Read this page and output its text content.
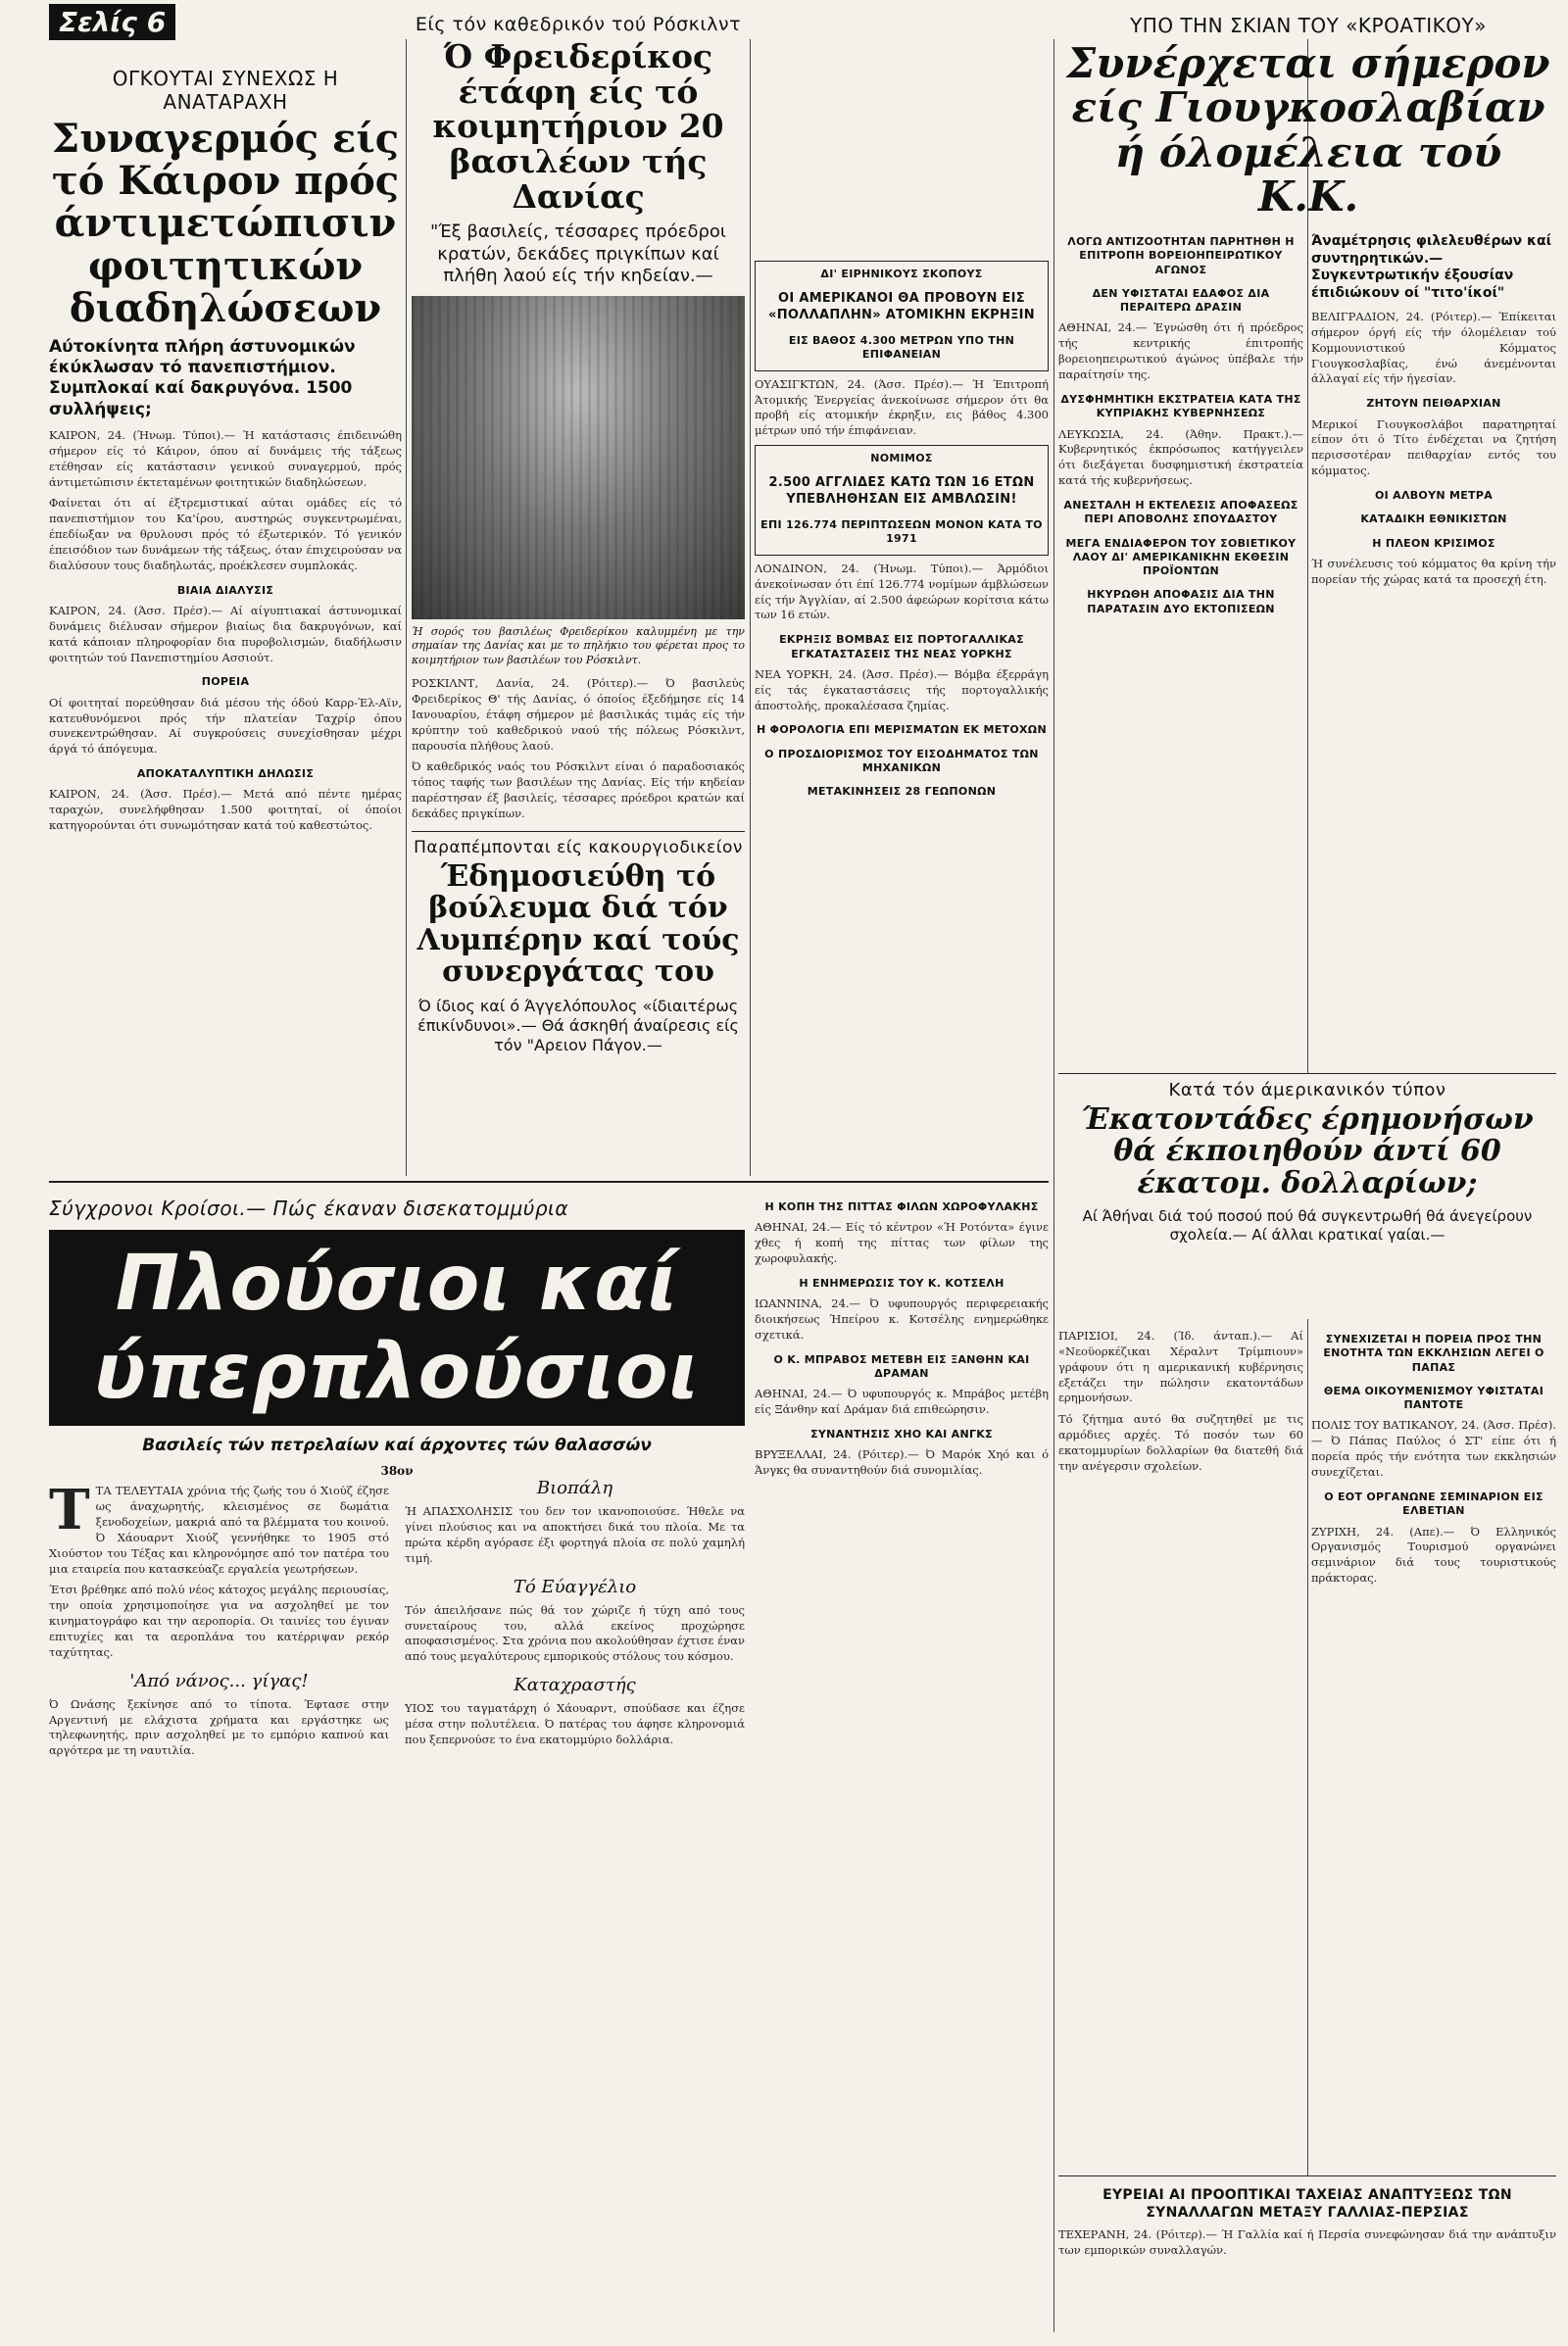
Σελίς 6
ΟΓΚΟΥΤΑΙ ΣΥΝΕΧΩΣ Η ΑΝΑΤΑΡΑΧΗ
Συναγερμός είς τό Κάιρον πρός άντιμετώπισιν φοιτητικών διαδηλώσεων
Αύτοκίνητα πλήρη άστυνομικών έκύκλωσαν τό πανεπιστήμιον. Συμπλοκαί καί δακρυγόνα. 1500 συλλήψεις;
ΚΑΙΡΟΝ, 24. (Ήνωμ. Τύποι).— Ή κατάστασις έπιδεινώθη σήμερον είς τό Κάιρον, όπου αί δυνάμεις τής τάξεως ετέθησαν είς κατάστασιν γενικού συναγερμού, πρός άντιμετώπισιν έκτεταμένων φοιτητικών διαδηλώσεων.
Φαίνεται ότι αί έξτρεμιστικαί αύται ομάδες είς τό πανεπιστήμιον του Κα'ίρου, αυστηρώς συγκεντρωμέναι, έπεδίωξαν να θρυλουσι πρός τό έξωτερικόν. Τό γενικόν έπεισόδιον των δυνάμεων τής τάξεως, όταν έπιχειρούσαν να διαλύσουν τους διαδηλωτάς, προέκλεσεν συμπλοκάς.
ΒΙΑΙΑ ΔΙΑΛΥΣΙΣ
ΚΑΙΡΟΝ, 24. (Άσσ. Πρέσ).— Αί αίγυπτιακαί άστυνομικαί δυνάμεις διέλυσαν σήμερον βιαίως δια δακρυγόνων, καί κατά κάποιαν πληροφορίαν δια πυροβολισμών, διαδήλωσιν φοιτητών τού Πανεπιστημίου Ασσιούτ.
ΠΟΡΕΙΑ
Οί φοιτηταί πορεύθησαν διά μέσου τής όδού Καρρ-Έλ-Αϊν, κατευθυνόμενοι πρός τήν πλατείαν Ταχρίρ όπου συνεκεντρώθησαν. Αί συγκρούσεις συνεχίσθησαν μέχρι άργά τό άπόγευμα.
ΑΠΟΚΑΤΑΛΥΠΤΙΚΗ ΔΗΛΩΣΙΣ
ΚΑΙΡΟΝ, 24. (Άσσ. Πρέσ).— Μετά από πέντε ημέρας ταραχών, συνελήφθησαν 1.500 φοιτηταί, οί όποίοι κατηγορούνται ότι συνωμότησαν κατά τού καθεστώτος.
Είς τόν καθεδρικόν τού Ρόσκιλντ
Ό Φρειδερίκος έτάφη είς τό κοιμητήριον 20 βασιλέων τής Δανίας
"Έξ βασιλείς, τέσσαρες πρόεδροι κρατών, δεκάδες πριγκίπων καί πλήθη λαού είς τήν κηδείαν.—
Ή σορός του βασιλέως Φρειδερίκου καλυμμένη με την σημαίαν της Δανίας και με το πηλήκιο του φέρεται προς το κοιμητήριον των βασιλέων του Ρόσκιλντ.
ΡΟΣΚΙΛΝΤ, Δανία, 24. (Ρόιτερ).— Ό βασιλεύς Φρειδερίκος Θ' τής Δανίας, ό όποίος έξεδήμησε είς 14 Ιανουαρίου, έτάφη σήμερον μέ βασιλικάς τιμάς είς τήν κρύπτην τού καθεδρικού ναού τής πόλεως Ρόσκιλντ, παρουσία πλήθους λαού.
Ό καθεδρικός ναός του Ρόσκιλντ είναι ό παραδοσιακός τόπος ταφής των βασιλέων της Δανίας. Είς τήν κηδείαν παρέστησαν έξ βασιλείς, τέσσαρες πρόεδροι κρατών καί δεκάδες πριγκίπων.
ΔΙ' ΕΙΡΗΝΙΚΟΥΣ ΣΚΟΠΟΥΣ
ΟΙ ΑΜΕΡΙΚΑΝΟΙ ΘΑ ΠΡΟΒΟΥΝ ΕΙΣ «ΠΟΛΛΑΠΛΗΝ» ΑΤΟΜΙΚΗΝ ΕΚΡΗΞΙΝ
ΕΙΣ ΒΑΘΟΣ 4.300 ΜΕΤΡΩΝ ΥΠΟ ΤΗΝ ΕΠΙΦΑΝΕΙΑΝ
ΟΥΑΣΙΓΚΤΩΝ, 24. (Άσσ. Πρέσ).— Ή Έπιτροπή Άτομικής Ένεργείας άνεκοίνωσε σήμερον ότι θα προβή είς ατομικήν έκρηξιν, εις βάθος 4.300 μέτρων υπό τήν έπιφάνειαν.
ΝΟΜΙΜΟΣ
2.500 ΑΓΓΛΙΔΕΣ ΚΑΤΩ ΤΩΝ 16 ΕΤΩΝ ΥΠΕΒΛΗΘΗΣΑΝ ΕΙΣ ΑΜΒΛΩΣΙΝ!
ΕΠΙ 126.774 ΠΕΡΙΠΤΩΣΕΩΝ ΜΟΝΟΝ ΚΑΤΑ ΤΟ 1971
ΛΟΝΔΙΝΟΝ, 24. (Ήνωμ. Τύποι).— Άρμόδιοι άνεκοίνωσαν ότι έπί 126.774 νομίμων άμβλώσεων είς τήν Άγγλίαν, αί 2.500 άφεώρων κορίτσια κάτω των 16 ετών.
ΕΚΡΗΞΙΣ ΒΟΜΒΑΣ ΕΙΣ ΠΟΡΤΟΓΑΛΛΙΚΑΣ ΕΓΚΑΤΑΣΤΑΣΕΙΣ ΤΗΣ ΝΕΑΣ ΥΟΡΚΗΣ
ΝΕΑ ΥΟΡΚΗ, 24. (Άσσ. Πρέσ).— Βόμβα έξερράγη είς τάς έγκαταστάσεις τής πορτογαλλικής άποστολής, προκαλέσασα ζημίας.
Η ΦΟΡΟΛΟΓΙΑ ΕΠΙ ΜΕΡΙΣΜΑΤΩΝ ΕΚ ΜΕΤΟΧΩΝ
Ο ΠΡΟΣΔΙΟΡΙΣΜΟΣ ΤΟΥ ΕΙΣΟΔΗΜΑΤΟΣ ΤΩΝ ΜΗΧΑΝΙΚΩΝ
ΜΕΤΑΚΙΝΗΣΕΙΣ 28 ΓΕΩΠΟΝΩΝ
Παραπέμπονται είς κακουργιοδικείον
Έδημοσιεύθη τό βούλευμα διά τόν Λυμπέρην καί τούς συνεργάτας του
Ό ίδιος καί ό Άγγελόπουλος «ίδιαιτέρως έπικίνδυνοι».— Θά άσκηθή άναίρεσις είς τόν "Αρειον Πάγον.—
ΥΠΟ ΤΗΝ ΣΚΙΑΝ ΤΟΥ «ΚΡΟΑΤΙΚΟΥ»
Συνέρχεται σήμερον είς Γιουγκοσλαβίαν ή όλομέλεια τού Κ.Κ.
ΛΟΓΩ ΑΝΤΙΖΟΟΤΗΤΑΝ ΠΑΡΗΤΗΘΗ Η ΕΠΙΤΡΟΠΗ ΒΟΡΕΙΟΗΠΕΙΡΩΤΙΚΟΥ ΑΓΩΝΟΣ
ΔΕΝ ΥΦΙΣΤΑΤΑΙ ΕΔΑΦΟΣ ΔΙΑ ΠΕΡΑΙΤΕΡΩ ΔΡΑΣΙΝ
ΑΘΗΝΑΙ, 24.— Έγνώσθη ότι ή πρόεδρος τής κεντρικής έπιτροπής βορειοηπειρωτικού άγώνος ύπέβαλε τήν παραίτησίν της.
ΔΥΣΦΗΜΗΤΙΚΗ ΕΚΣΤΡΑΤΕΙΑ ΚΑΤΑ ΤΗΣ ΚΥΠΡΙΑΚΗΣ ΚΥΒΕΡΝΗΣΕΩΣ
ΛΕΥΚΩΣΙΑ, 24. (Άθην. Πρακτ.).— Κυβερνητικός έκπρόσωπος κατήγγειλεν ότι διεξάγεται δυσφημιστική έκστρατεία κατά τής κυβερνήσεως.
ΑΝΕΣΤΑΛΗ Η ΕΚΤΕΛΕΣΙΣ ΑΠΟΦΑΣΕΩΣ ΠΕΡΙ ΑΠΟΒΟΛΗΣ ΣΠΟΥΔΑΣΤΟΥ
ΜΕΓΑ ΕΝΔΙΑΦΕΡΟΝ ΤΟΥ ΣΟΒΙΕΤΙΚΟΥ ΛΑΟΥ ΔΙ' ΑΜΕΡΙΚΑΝΙΚΗΝ ΕΚΘΕΣΙΝ ΠΡΟΪΟΝΤΩΝ
ΗΚΥΡΩΘΗ ΑΠΟΦΑΣΙΣ ΔΙΑ ΤΗΝ ΠΑΡΑΤΑΣΙΝ ΔΥΟ ΕΚΤΟΠΙΣΕΩΝ
Άναμέτρησις φιλελευθέρων καί συντηρητικών.— Συγκεντρωτικήν έξουσίαν έπιδιώκουν οί "τιτο'ίκοί"
ΒΕΛΙΓΡΑΔΙΟΝ, 24. (Ρόιτερ).— Έπίκειται σήμερον όργή είς τήν όλομέλειαν τού Κομμουνιστικού Κόμματος Γιουγκοσλαβίας, ένώ άνεμένονται άλλαγαί είς τήν ήγεσίαν.
ΖΗΤΟΥΝ ΠΕΙΘΑΡΧΙΑΝ
Μερικοί Γιουγκοσλάβοι παρατηρηταί είπον ότι ό Τίτο ένδέχεται να ζητήση περισσοτέραν πειθαρχίαν εντός του κόμματος.
ΟΙ ΑΛΒΟΥΝ ΜΕΤΡΑ
ΚΑΤΑΔΙΚΗ ΕΘΝΙΚΙΣΤΩΝ
Η ΠΛΕΟΝ ΚΡΙΣΙΜΟΣ
Ή συνέλευσις τού κόμματος θα κρίνη τήν πορείαν τής χώρας κατά τα προσεχή έτη.
Κατά τόν άμερικανικόν τύπον
Έκατοντάδες έρημονήσων θά έκποιηθούν άντί 60 έκατομ. δολλαρίων;
Αί Άθήναι διά τού ποσού πού θά συγκεντρωθή θά άνεγείρουν σχολεία.— Αί άλλαι κρατικαί γαίαι.—
Σύγχρονοι Κροίσοι.— Πώς έκαναν δισεκατομμύρια
Πλούσιοι καί ύπερπλούσιοι
Βασιλείς τών πετρελαίων καί άρχοντες τών θαλασσών
38ον
ΤΤΑ ΤΕΛΕΥΤΑΙΑ χρόνια τής ζωής του ό Χιούζ έζησε ως άναχωρητής, κλεισμένος σε δωμάτια ξενοδοχείων, μακριά από τα βλέμματα του κοινού. Ό Χάουαρντ Χιούζ γεννήθηκε το 1905 στό Χιούστον του Τέξας και κληρονόμησε από τον πατέρα του μια εταιρεία που κατασκεύαζε εργαλεία γεωτρήσεων.
Έτσι βρέθηκε από πολύ νέος κάτοχος μεγάλης περιουσίας, την οποία χρησιμοποίησε για να ασχοληθεί με τον κινηματογράφο και την αεροπορία. Οι ταινίες του έγιναν επιτυχίες και τα αεροπλάνα του κατέρριψαν ρεκόρ ταχύτητας.
'Από νάνος... γίγας!
Ό Ωνάσης ξεκίνησε από το τίποτα. Έφτασε στην Αργεντινή με ελάχιστα χρήματα και εργάστηκε ως τηλεφωνητής, πριν ασχοληθεί με το εμπόριο καπνού και αργότερα με τη ναυτιλία.
Βιοπάλη
Ή ΑΠΑΣΧΟΛΗΣΙΣ του δεν τον ικανοποιούσε. Ήθελε να γίνει πλούσιος και να αποκτήσει δικά του πλοία. Με τα πρώτα κέρδη αγόρασε έξι φορτηγά πλοία σε πολύ χαμηλή τιμή.
Τό Εύαγγέλιο
Τόν άπειλήσανε πώς θά τον χώριζε ή τύχη από τους συνεταίρους του, αλλά εκείνος προχώρησε αποφασισμένος. Στα χρόνια που ακολούθησαν έχτισε έναν από τους μεγαλύτερους εμπορικούς στόλους του κόσμου.
Καταχραστής
ΥΙΟΣ του ταγματάρχη ό Χάουαρντ, σπούδασε και έζησε μέσα στην πολυτέλεια. Ό πατέρας του άφησε κληρονομιά που ξεπερνούσε το ένα εκατομμύριο δολλάρια.
Η ΚΟΠΗ ΤΗΣ ΠΙΤΤΑΣ ΦΙΛΩΝ ΧΩΡΟΦΥΛΑΚΗΣ
ΑΘΗΝΑΙ, 24.— Είς τό κέντρον «Ή Ροτόντα» έγινε χθες ή κοπή της πίττας των φίλων της χωροφυλακής.
Η ΕΝΗΜΕΡΩΣΙΣ ΤΟΥ Κ. ΚΟΤΣΕΛΗ
ΙΩΑΝΝΙΝΑ, 24.— Ό υφυπουργός περιφερειακής διοικήσεως Ήπείρου κ. Κοτσέλης ενημερώθηκε σχετικά.
Ο Κ. ΜΠΡΑΒΟΣ ΜΕΤΕΒΗ ΕΙΣ ΞΑΝΘΗΝ ΚΑΙ ΔΡΑΜΑΝ
ΑΘΗΝΑΙ, 24.— Ό υφυπουργός κ. Μπράβος μετέβη είς Ξάνθην καί Δράμαν διά επιθεώρησιν.
ΣΥΝΑΝΤΗΣΙΣ ΧΗΟ ΚΑΙ ΑΝΓΚΣ
ΒΡΥΞΕΛΛΑΙ, 24. (Ρόιτερ).— Ό Μαρόκ Χηό και ό Άνγκς θα συναντηθούν διά συνομιλίας.
ΠΑΡΙΣΙΟΙ, 24. (Ίδ. άνταπ.).— Αί «Νεοϋορκέζικαι Χέραλντ Τρίμπιουν» γράφουν ότι η αμερικανική κυβέρνησις εξετάζει την πώλησιν εκατοντάδων ερημονήσων.
Τό ζήτημα αυτό θα συζητηθεί με τις αρμόδιες αρχές. Τό ποσόν των 60 εκατομμυρίων δολλαρίων θα διατεθή διά την ανέγερσιν σχολείων.
ΣΥΝΕΧΙΖΕΤΑΙ Η ΠΟΡΕΙΑ ΠΡΟΣ ΤΗΝ ΕΝΟΤΗΤΑ ΤΩΝ ΕΚΚΛΗΣΙΩΝ ΛΕΓΕΙ Ο ΠΑΠΑΣ
ΘΕΜΑ ΟΙΚΟΥΜΕΝΙΣΜΟΥ ΥΦΙΣΤΑΤΑΙ ΠΑΝΤΟΤΕ
ΠΟΛΙΣ ΤΟΥ ΒΑΤΙΚΑΝΟΥ, 24. (Άσσ. Πρέσ).— Ό Πάπας Παύλος ό ΣΤ' είπε ότι ή πορεία πρός τήν ενότητα των εκκλησιών συνεχίζεται.
Ο ΕΟΤ ΟΡΓΑΝΩΝΕ ΣΕΜΙΝΑΡΙΟΝ ΕΙΣ ΕΛΒΕΤΙΑΝ
ΖΥΡΙΧΗ, 24. (Απε).— Ό Ελληνικός Οργανισμός Τουρισμού οργανώνει σεμινάριον διά τους τουριστικούς πράκτορας.
ΕΥΡΕΙΑΙ ΑΙ ΠΡΟΟΠΤΙΚΑΙ ΤΑΧΕΙΑΣ ΑΝΑΠΤΥΞΕΩΣ ΤΩΝ ΣΥΝΑΛΛΑΓΩΝ ΜΕΤΑΞΥ ΓΑΛΛΙΑΣ-ΠΕΡΣΙΑΣ
ΤΕΧΕΡΑΝΗ, 24. (Ρόιτερ).— Ή Γαλλία καί ή Περσία συνεφώνησαν διά την ανάπτυξιν των εμπορικών συναλλαγών.
